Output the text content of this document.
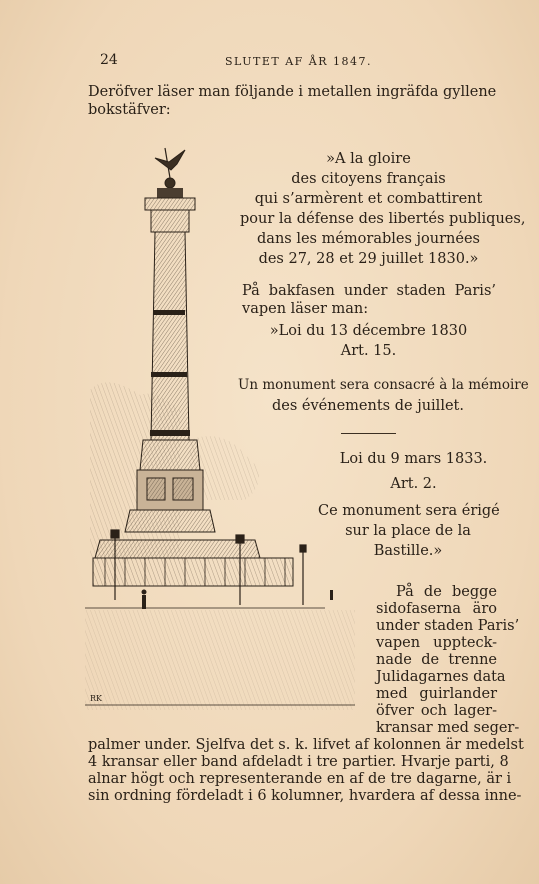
24	SLUTET AF ÅR 1847.
Deröfver läser man följande i metallen ingräfda gyllene
bokstäfver:
RK
»A la gloire
des citoyens français
qui s’armèrent et combattirent
pour la défense des libertés publiques,
dans les mémorables journées
des 27, 28 et 29 juillet 1830.»
På bakfasen under staden Paris’
vapen läser man:
»Loi du 13 décembre 1830
Art. 15.
Un monument sera consacré à la mémoire
des événements de juillet.
Loi du 9 mars 1833.
Art. 2.
Ce monument sera érigé
sur la place de la
Bastille.»
På de begge
sidofaserna äro
under staden Paris’
vapen uppteck-
nade de trenne
Julidagarnes data
med guirlander
öfver och lager-
kransar med seger-
palmer under. Sjelfva det s. k. lifvet af kolonnen är medelst
4 kransar eller band afdeladt i tre partier. Hvarje parti, 8
alnar högt och representerande en af de tre dagarne, är i
sin ordning fördeladt i 6 kolumner, hvardera af dessa inne-
